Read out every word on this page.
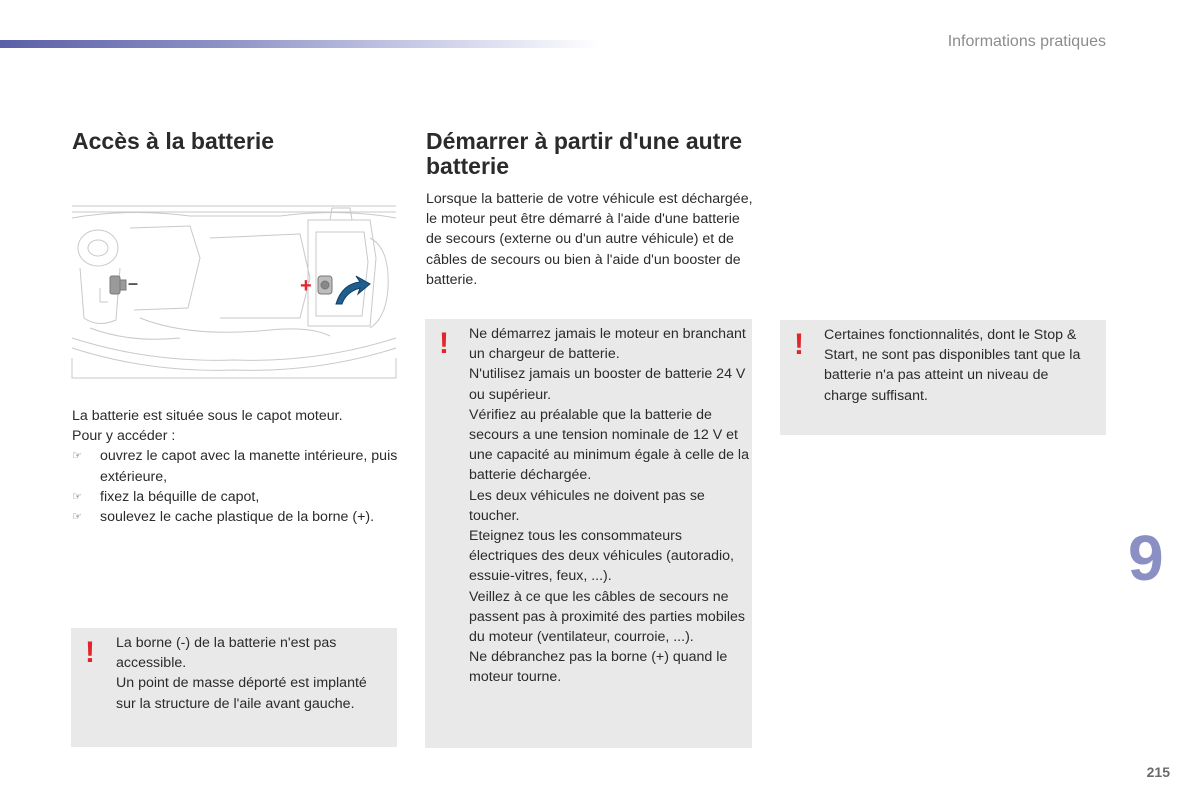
Informations pratiques
Accès à la batterie
–	+
La batterie est située sous le capot moteur.
Pour y accéder :
☞ ouvrez le capot avec la manette intérieure, puis extérieure,
☞ fixez la béquille de capot,
☞ soulevez le cache plastique de la borne (+).
! La borne (-) de la batterie n'est pas accessible.
Un point de masse déporté est implanté sur la structure de l'aile avant gauche.
Démarrer à partir d'une autre batterie
Lorsque la batterie de votre véhicule est déchargée, le moteur peut être démarré à l'aide d'une batterie de secours (externe ou d'un autre véhicule) et de câbles de secours ou bien à l'aide d'un booster de batterie.
! Ne démarrez jamais le moteur en branchant un chargeur de batterie.
N'utilisez jamais un booster de batterie 24 V ou supérieur.
Vérifiez au préalable que la batterie de secours a une tension nominale de 12 V et une capacité au minimum égale à celle de la batterie déchargée.
Les deux véhicules ne doivent pas se toucher.
Eteignez tous les consommateurs électriques des deux véhicules (autoradio, essuie-vitres, feux, ...).
Veillez à ce que les câbles de secours ne passent pas à proximité des parties mobiles du moteur (ventilateur, courroie, ...).
Ne débranchez pas la borne (+) quand le moteur tourne.
! Certaines fonctionnalités, dont le Stop & Start, ne sont pas disponibles tant que la batterie n'a pas atteint un niveau de charge suffisant.
9
215
